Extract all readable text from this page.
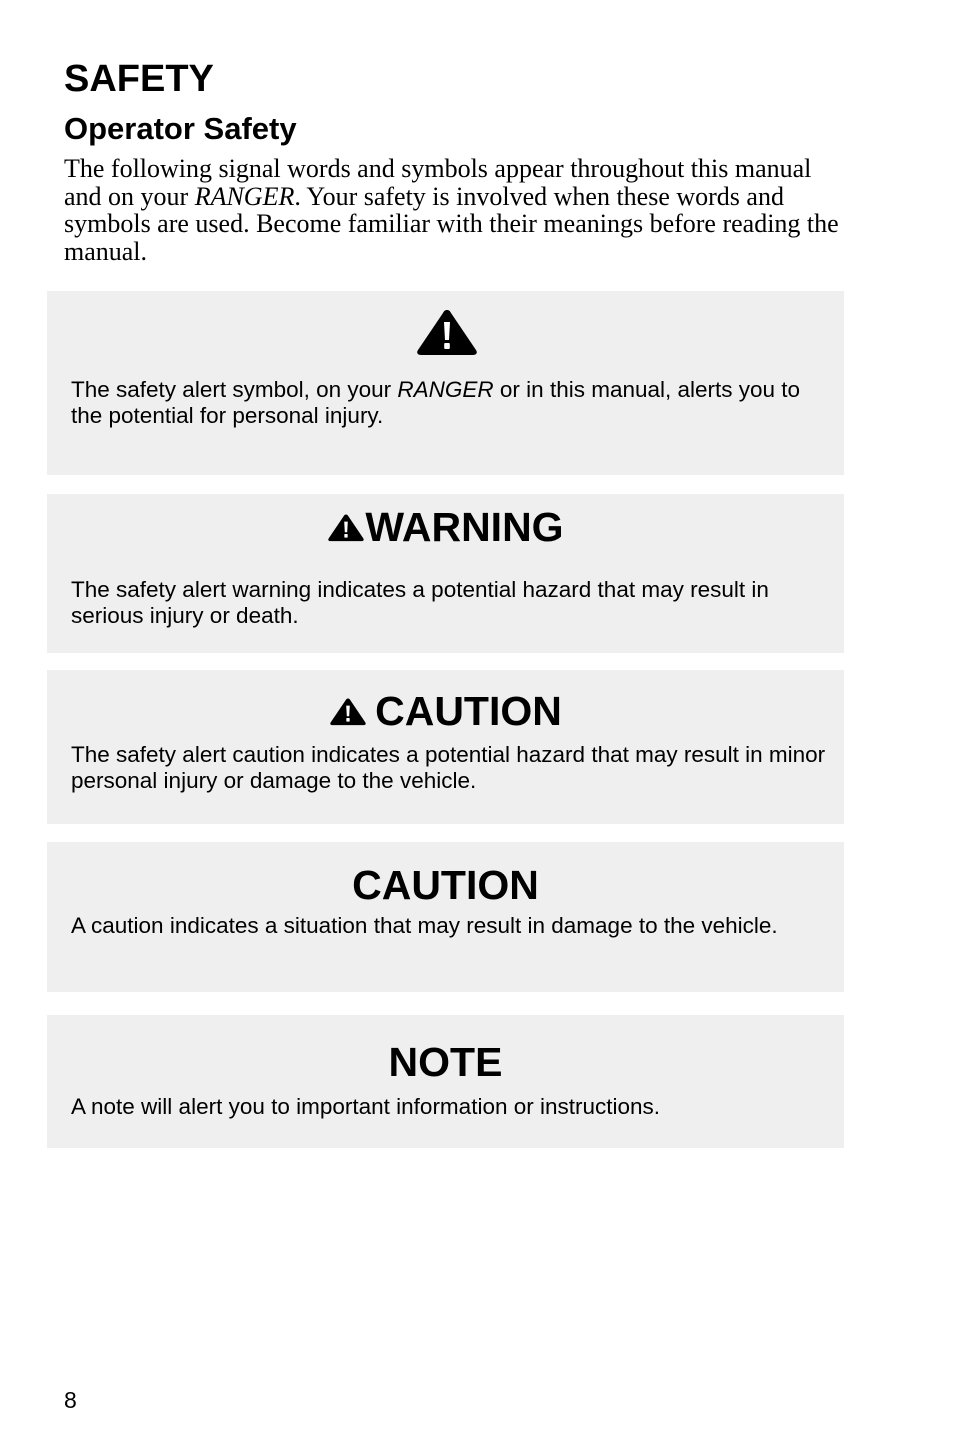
SAFETY
Operator Safety

The following signal words and symbols appear throughout this manual and on your RANGER. Your safety is involved when these words and symbols are used. Become familiar with their meanings before reading the manual.

The safety alert symbol, on your RANGER or in this manual, alerts you to the potential for personal injury.
WARNING
The safety alert warning indicates a potential hazard that may result in serious injury or death.
CAUTION
The safety alert caution indicates a potential hazard that may result in minor personal injury or damage to the vehicle.
CAUTION
A caution indicates a situation that may result in damage to the vehicle.
NOTE
A note will alert you to important information or instructions.
8
